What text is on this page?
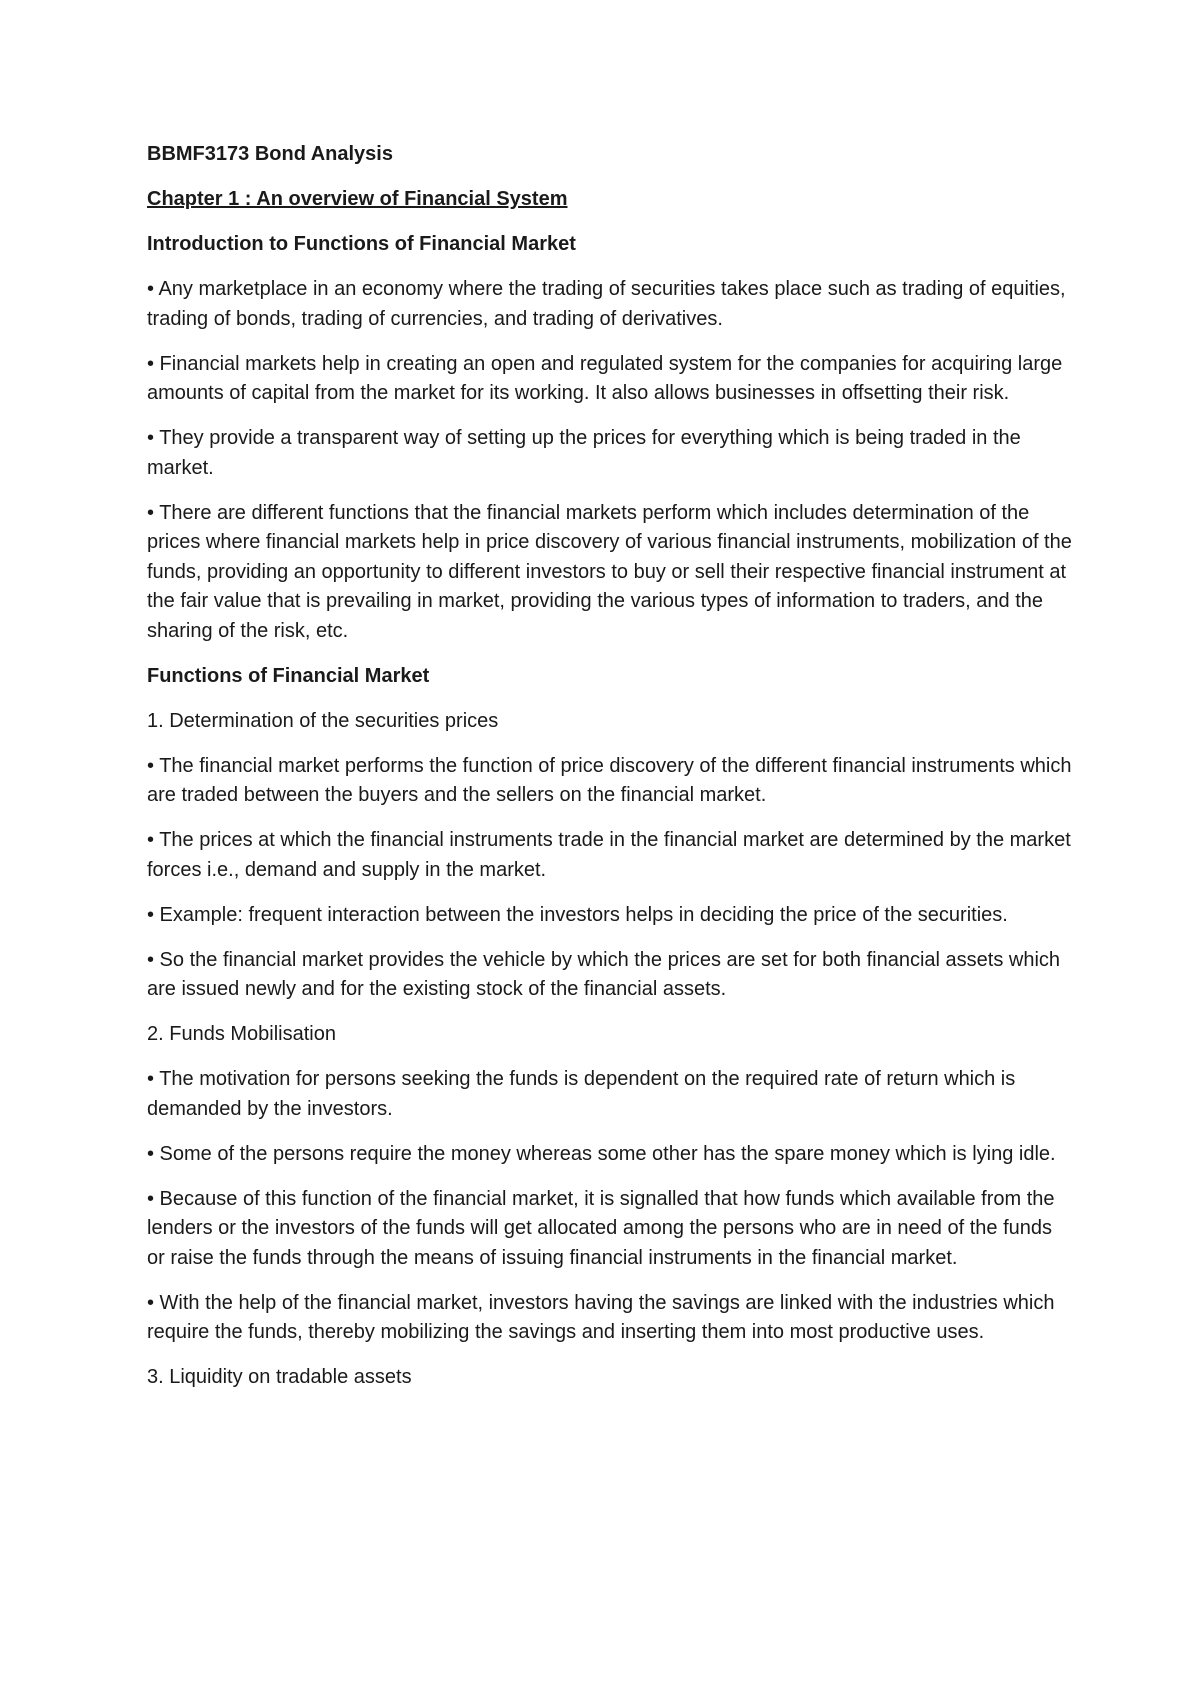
BBMF3173 Bond Analysis

Chapter 1 : An overview of Financial System

Introduction to Functions of Financial Market

• Any marketplace in an economy where the trading of securities takes place such as trading of equities, trading of bonds, trading of currencies, and trading of derivatives.

• Financial markets help in creating an open and regulated system for the companies for acquiring large amounts of capital from the market for its working. It also allows businesses in offsetting their risk.

• They provide a transparent way of setting up the prices for everything which is being traded in the market.

• There are different functions that the financial markets perform which includes determination of the prices where financial markets help in price discovery of various financial instruments, mobilization of the funds, providing an opportunity to different investors to buy or sell their respective financial instrument at the fair value that is prevailing in market, providing the various types of information to traders, and the sharing of the risk, etc.

Functions of Financial Market

1. Determination of the securities prices

• The financial market performs the function of price discovery of the different financial instruments which are traded between the buyers and the sellers on the financial market.

• The prices at which the financial instruments trade in the financial market are determined by the market forces i.e., demand and supply in the market.

• Example: frequent interaction between the investors helps in deciding the price of the securities.

• So the financial market provides the vehicle by which the prices are set for both financial assets which are issued newly and for the existing stock of the financial assets.

2. Funds Mobilisation

• The motivation for persons seeking the funds is dependent on the required rate of return which is demanded by the investors.

• Some of the persons require the money whereas some other has the spare money which is lying idle.

• Because of this function of the financial market, it is signalled that how funds which available from the lenders or the investors of the funds will get allocated among the persons who are in need of the funds or raise the funds through the means of issuing financial instruments in the financial market.

• With the help of the financial market, investors having the savings are linked with the industries which require the funds, thereby mobilizing the savings and inserting them into most productive uses.

3. Liquidity on tradable assets
